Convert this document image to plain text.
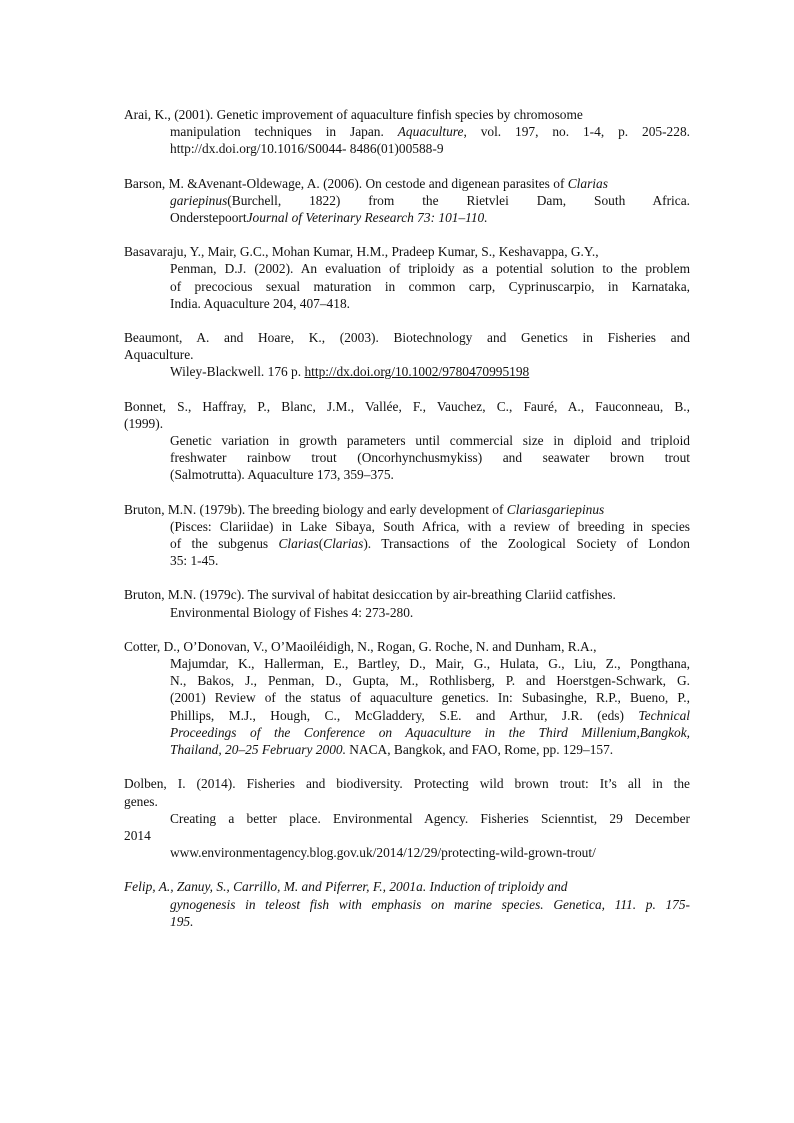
Arai, K., (2001). Genetic improvement of aquaculture finfish species by chromosome
manipulation techniques in Japan. Aquaculture, vol. 197, no. 1-4, p. 205-228.
http://dx.doi.org/10.1016/S0044- 8486(01)00588-9
Barson, M. &Avenant-Oldewage, A. (2006). On cestode and digenean parasites of Clarias
gariepinus(Burchell, 1822) from the Rietvlei Dam, South Africa.
OnderstepoortJournal of Veterinary Research 73: 101–110.
Basavaraju, Y., Mair, G.C., Mohan Kumar, H.M., Pradeep Kumar, S., Keshavappa, G.Y.,
Penman, D.J. (2002). An evaluation of triploidy as a potential solution to the problem
of precocious sexual maturation in common carp, Cyprinuscarpio, in Karnataka,
India. Aquaculture 204, 407–418.
Beaumont, A. and Hoare, K., (2003). Biotechnology and Genetics in Fisheries and
Aquaculture.
Wiley-Blackwell. 176 p. http://dx.doi.org/10.1002/9780470995198
Bonnet, S., Haffray, P., Blanc, J.M., Vallée, F., Vauchez, C., Fauré, A., Fauconneau, B.,
(1999).
Genetic variation in growth parameters until commercial size in diploid and triploid
freshwater rainbow trout (Oncorhynchusmykiss) and seawater brown trout
(Salmotrutta). Aquaculture 173, 359–375.
Bruton, M.N. (1979b). The breeding biology and early development of Clariasgariepinus
(Pisces: Clariidae) in Lake Sibaya, South Africa, with a review of breeding in species
of the subgenus Clarias(Clarias). Transactions of the Zoological Society of London
35: 1-45.
Bruton, M.N. (1979c). The survival of habitat desiccation by air-breathing Clariid catfishes.
Environmental Biology of Fishes 4: 273-280.
Cotter, D., O’Donovan, V., O’Maoiléidigh, N., Rogan, G. Roche, N. and Dunham, R.A.,
Majumdar, K., Hallerman, E., Bartley, D., Mair, G., Hulata, G., Liu, Z., Pongthana,
N., Bakos, J., Penman, D., Gupta, M., Rothlisberg, P. and Hoerstgen-Schwark, G.
(2001) Review of the status of aquaculture genetics. In: Subasinghe, R.P., Bueno, P.,
Phillips, M.J., Hough, C., McGladdery, S.E. and Arthur, J.R. (eds) Technical
Proceedings of the Conference on Aquaculture in the Third Millenium,Bangkok,
Thailand, 20–25 February 2000. NACA, Bangkok, and FAO, Rome, pp. 129–157.
Dolben, I. (2014). Fisheries and biodiversity. Protecting wild brown trout: It’s all in the
genes.
Creating a better place. Environmental Agency. Fisheries Scienntist, 29 December
2014
www.environmentagency.blog.gov.uk/2014/12/29/protecting-wild-grown-trout/
Felip, A., Zanuy, S., Carrillo, M. and Piferrer, F., 2001a. Induction of triploidy and
gynogenesis in teleost fish with emphasis on marine species. Genetica, 111. p. 175-
195.
